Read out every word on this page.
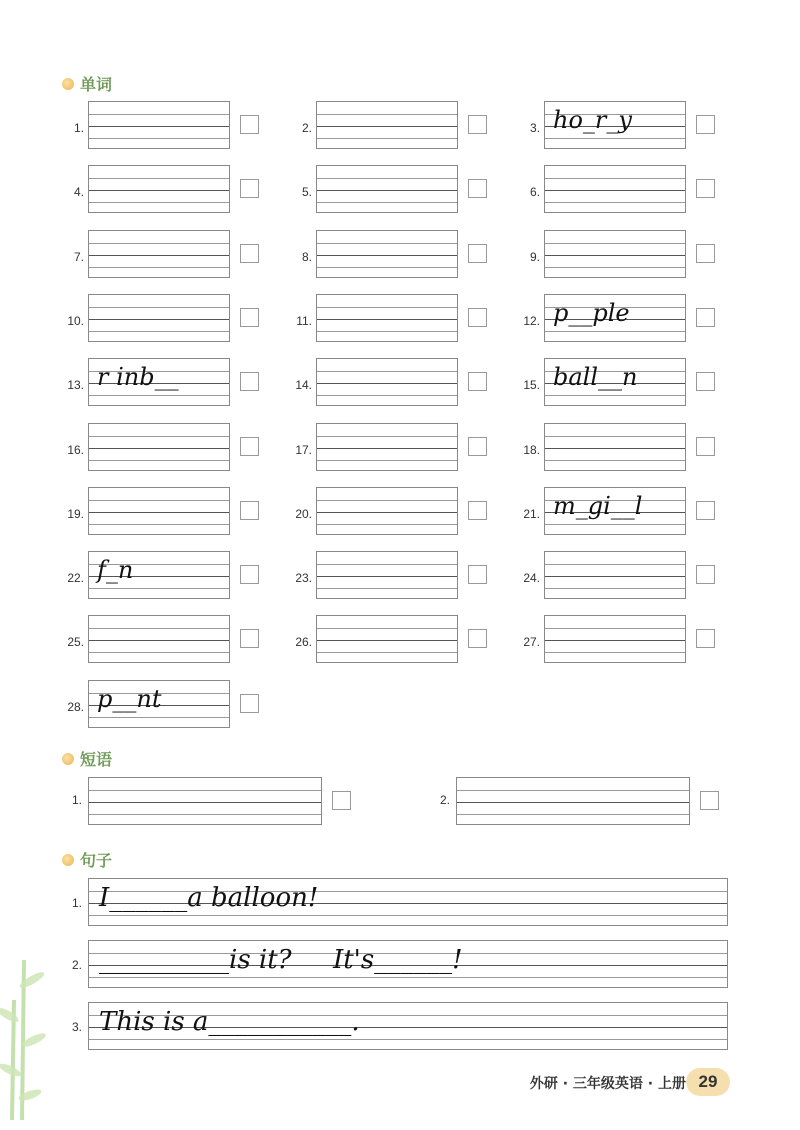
单词
1.	2.	3. ho_r_y
4.	5.	6.
7.	8.	9.
10.	11.	12. p__ple
13. r inb__	14.	15. ball__n
16.	17.	18.
19.	20.	21. m_gi__l
22. f_n	23.	24.
25.	26.	27.
28. p__nt
短语
1.	2.
句子
1. I______a balloon!
2. __________is it?     It's______!
3. This is a___________.
外研 · 三年级英语 · 上册 29
